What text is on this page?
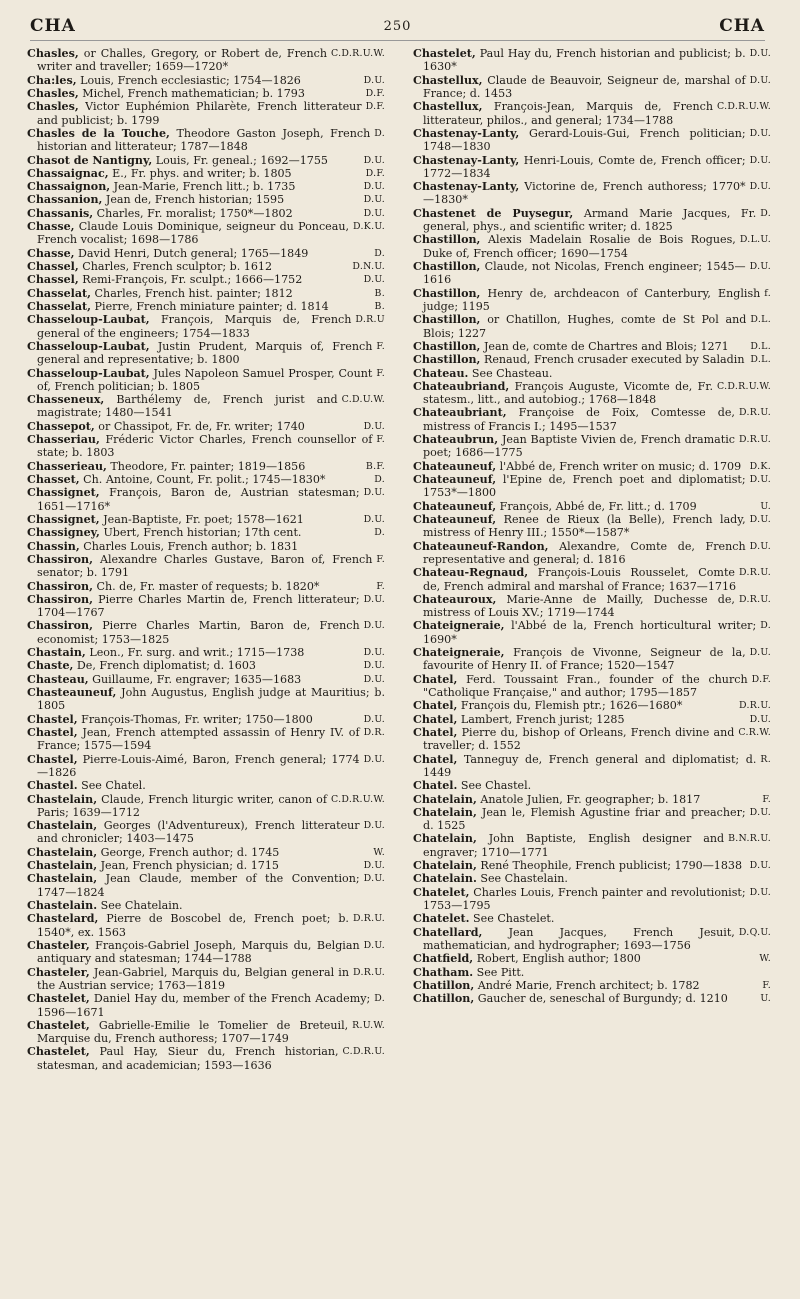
CHA	250	CHA

C.D.R.U.W.
Chasles, or Challes, Gregory, or Robert de, French writer and traveller; 1659—1720*

D.U.
Cha:les, Louis, French ecclesiastic; 1754—1826

D.F.
Chasles, Michel, French mathematician; b. 1793

D.F.
Chasles, Victor Euphémion Philarète, French litterateur and publicist; b. 1799

D.
Chasles de la Touche, Theodore Gaston Joseph, French historian and litterateur; 1787—1848

D.U.
Chasot de Nantigny, Louis, Fr. geneal.; 1692—1755

D.F.
Chassaignac, E., Fr. phys. and writer; b. 1805

D.U.
Chassaignon, Jean-Marie, French litt.; b. 1735

D.U.
Chassanion, Jean de, French historian; 1595

D.U.
Chassanis, Charles, Fr. moralist; 1750*—1802

D.K.U.
Chasse, Claude Louis Dominique, seigneur du Ponceau, French vocalist; 1698—1786

D.
Chasse, David Henri, Dutch general; 1765—1849

D.N.U.
Chassel, Charles, French sculptor; b. 1612

D.U.
Chassel, Remi-François, Fr. sculpt.; 1666—1752

B.
Chasselat, Charles, French hist. painter; 1812

B.
Chasselat, Pierre, French miniature painter; d. 1814

D.R.U
Chasseloup-Laubat, François, Marquis de, French general of the engineers; 1754—1833

F.
Chasseloup-Laubat, Justin Prudent, Marquis of, French general and representative; b. 1800

F.
Chasseloup-Laubat, Jules Napoleon Samuel Prosper, Count of, French politician; b. 1805

C.D.U.W.
Chasseneux, Barthélemy de, French jurist and magistrate; 1480—1541

D.U.
Chassepot, or Chassipot, Fr. de, Fr. writer; 1740

F.
Chasseriau, Fréderic Victor Charles, French counsellor of state; b. 1803

B.F.
Chasserieau, Theodore, Fr. painter; 1819—1856

D.
Chasset, Ch. Antoine, Count, Fr. polit.; 1745—1830*

D.U.
Chassignet, François, Baron de, Austrian statesman; 1651—1716*

D.U.
Chassignet, Jean-Baptiste, Fr. poet; 1578—1621

D.
Chassigney, Ubert, French historian; 17th cent.

Chassin, Charles Louis, French author; b. 1831

F.
Chassiron, Alexandre Charles Gustave, Baron of, French senator; b. 1791

F.
Chassiron, Ch. de, Fr. master of requests; b. 1820*

D.U.
Chassiron, Pierre Charles Martin de, French litterateur; 1704—1767

D.U.
Chassiron, Pierre Charles Martin, Baron de, French economist; 1753—1825

D.U.
Chastain, Leon., Fr. surg. and writ.; 1715—1738

D.U.
Chaste, De, French diplomatist; d. 1603

D.U.
Chasteau, Guillaume, Fr. engraver; 1635—1683

Chasteauneuf, John Augustus, English judge at Mauritius; b. 1805

D.U.
Chastel, François-Thomas, Fr. writer; 1750—1800

D.R.
Chastel, Jean, French attempted assassin of Henry IV. of France; 1575—1594

D.U.
Chastel, Pierre-Louis-Aimé, Baron, French general; 1774—1826

Chastel. See Chatel.

C.D.R.U.W.
Chastelain, Claude, French liturgic writer, canon of Paris; 1639—1712

D.U.
Chastelain, Georges (l'Adventureux), French litterateur and chronicler; 1403—1475

W.
Chastelain, George, French author; d. 1745

D.U.
Chastelain, Jean, French physician; d. 1715

D.U.
Chastelain, Jean Claude, member of the Convention; 1747—1824

Chastelain. See Chatelain.

D.R.U.
Chastelard, Pierre de Boscobel de, French poet; b. 1540*, ex. 1563

D.U.
Chasteler, François-Gabriel Joseph, Marquis du, Belgian antiquary and statesman; 1744—1788

D.R.U.
Chasteler, Jean-Gabriel, Marquis du, Belgian general in the Austrian service; 1763—1819

D.
Chastelet, Daniel Hay du, member of the French Academy; 1596—1671

R.U.W.
Chastelet, Gabrielle-Emilie le Tomelier de Breteuil, Marquise du, French authoress; 1707—1749

C.D.R.U.
Chastelet, Paul Hay, Sieur du, French historian, statesman, and academician; 1593—1636

D.U.
Chastelet, Paul Hay du, French historian and publicist; b. 1630*

D.U.
Chastellux, Claude de Beauvoir, Seigneur de, marshal of France; d. 1453

C.D.R.U.W.
Chastellux, François-Jean, Marquis de, French litterateur, philos., and general; 1734—1788

D.U.
Chastenay-Lanty, Gerard-Louis-Gui, French politician; 1748—1830

D.U.
Chastenay-Lanty, Henri-Louis, Comte de, French officer; 1772—1834

D.U.
Chastenay-Lanty, Victorine de, French authoress; 1770*—1830*

D.
Chastenet de Puysegur, Armand Marie Jacques, Fr. general, phys., and scientific writer; d. 1825

D.L.U.
Chastillon, Alexis Madelain Rosalie de Bois Rogues, Duke of, French officer; 1690—1754

D.U.
Chastillon, Claude, not Nicolas, French engineer; 1545—1616

f.
Chastillon, Henry de, archdeacon of Canterbury, English judge; 1195

D.L.
Chastillon, or Chatillon, Hughes, comte de St Pol and Blois; 1227

D.L.
Chastillon, Jean de, comte de Chartres and Blois; 1271

D.L.
Chastillon, Renaud, French crusader executed by Saladin

Chateau. See Chasteau.

C.D.R.U.W.
Chateaubriand, François Auguste, Vicomte de, Fr. statesm., litt., and autobiog.; 1768—1848

D.R.U.
Chateaubriant, Françoise de Foix, Comtesse de, mistress of Francis I.; 1495—1537

D.R.U.
Chateaubrun, Jean Baptiste Vivien de, French dramatic poet; 1686—1775

D.K.
Chateauneuf, l'Abbé de, French writer on music; d. 1709

D.U.
Chateauneuf, l'Epine de, French poet and diplomatist; 1753*—1800

U.
Chateauneuf, François, Abbé de, Fr. litt.; d. 1709

D.U.
Chateauneuf, Renee de Rieux (la Belle), French lady, mistress of Henry III.; 1550*—1587*

D.U.
Chateauneuf-Randon, Alexandre, Comte de, French representative and general; d. 1816

D.R.U.
Chateau-Regnaud, François-Louis Rousselet, Comte de, French admiral and marshal of France; 1637—1716

D.R.U.
Chateauroux, Marie-Anne de Mailly, Duchesse de, mistress of Louis XV.; 1719—1744

D.
Chateigneraie, l'Abbé de la, French horticultural writer; 1690*

D.U.
Chateigneraie, François de Vivonne, Seigneur de la, favourite of Henry II. of France; 1520—1547

D.F.
Chatel, Ferd. Toussaint Fran., founder of the church "Catholique Française," and author; 1795—1857

D.R.U.
Chatel, François du, Flemish ptr.; 1626—1680*

D.U.
Chatel, Lambert, French jurist; 1285

C.R.W.
Chatel, Pierre du, bishop of Orleans, French divine and traveller; d. 1552

R.
Chatel, Tanneguy de, French general and diplomatist; d. 1449

Chatel. See Chastel.

F.
Chatelain, Anatole Julien, Fr. geographer; b. 1817

D.U.
Chatelain, Jean le, Flemish Agustine friar and preacher; d. 1525

B.N.R.U.
Chatelain, John Baptiste, English designer and engraver; 1710—1771

D.U.
Chatelain, René Theophile, French publicist; 1790—1838

Chatelain. See Chastelain.

D.U.
Chatelet, Charles Louis, French painter and revolutionist; 1753—1795

Chatelet. See Chastelet.

D.Q.U.
Chatellard, Jean Jacques, French Jesuit, mathematician, and hydrographer; 1693—1756

W.
Chatfield, Robert, English author; 1800

Chatham. See Pitt.

F.
Chatillon, André Marie, French architect; b. 1782

U.
Chatillon, Gaucher de, seneschal of Burgundy; d. 1210
